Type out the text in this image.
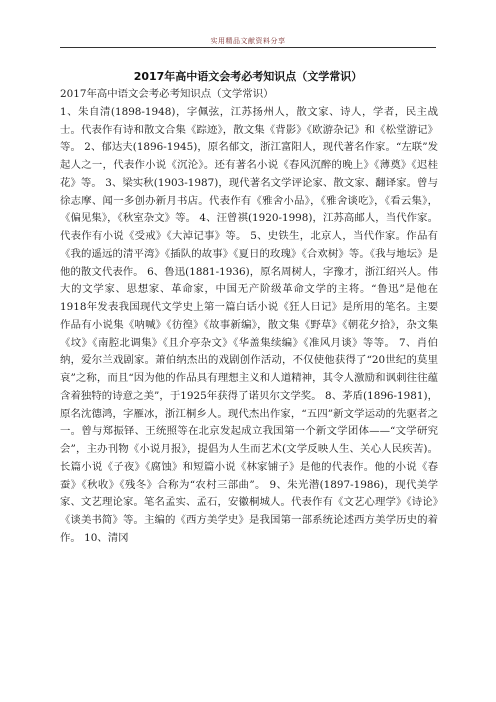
实用精品文献资料分享
2017年高中语文会考必考知识点（文学常识）

2017年高中语文会考必考知识点（文学常识）

1、朱自清(1898-1948)，字佩弦，江苏扬州人，散文家、诗人，学者，民主战士。代表作有诗和散文合集《踪迹》，散文集《背影》《欧游杂记》和《松堂游记》等。 2、郁达夫(1896-1945)，原名郁文，浙江富阳人，现代著名作家。“左联”发起人之一，代表作小说《沉沦》。还有著名小说《春风沉醉的晚上》《薄奠》《迟桂花》等。 3、梁实秋(1903-1987)，现代著名文学评论家、散文家、翻译家。曾与徐志摩、闻一多创办新月书店。代表作有《雅舍小品》，《雅舍谈吃》，《看云集》，《偏见集》，《秋室杂文》等。 4、汪曾祺(1920-1998)，江苏高邮人，当代作家。代表作有小说《受戒》《大淖记事》等。 5、史铁生，北京人，当代作家。作品有《我的遥远的清平湾》《插队的故事》《夏日的玫瑰》《合欢树》等。《我与地坛》是他的散文代表作。 6、鲁迅(1881-1936)，原名周树人，字豫才，浙江绍兴人。伟大的文学家、思想家、革命家，中国无产阶级革命文学的主将。“鲁迅”是他在1918年发表我国现代文学史上第一篇白话小说《狂人日记》是所用的笔名。主要作品有小说集《呐喊》《彷徨》《故事新编》，散文集《野草》《朝花夕拾》，杂文集《坟》《南腔北调集》《且介亭杂文》《华盖集续编》《准风月谈》等等。 7、肖伯纳，爱尔兰戏剧家。萧伯纳杰出的戏剧创作活动，不仅使他获得了“20世纪的莫里哀”之称，而且“因为他的作品具有理想主义和人道精神，其令人激励和讽刺往往蕴含着独特的诗意之美”，于1925年获得了诺贝尔文学奖。 8、茅盾(1896-1981)，原名沈德鸿，字雁冰，浙江桐乡人。现代杰出作家，“五四”新文学运动的先驱者之一。曾与郑振铎、王统照等在北京发起成立我国第一个新文学团体——“文学研究会”，主办刊物《小说月报》，提倡为人生而艺术(文学反映人生、关心人民疾苦)。长篇小说《子夜》《腐蚀》和短篇小说《林家铺子》是他的代表作。他的小说《春蚕》《秋收》《残冬》合称为“农村三部曲”。 9、朱光潜(1897-1986)，现代美学家、文艺理论家。笔名孟实、孟石，安徽桐城人。代表作有《文艺心理学》《诗论》《谈美书简》等。主编的《西方美学史》是我国第一部系统论述西方美学历史的着作。 10、清冈
